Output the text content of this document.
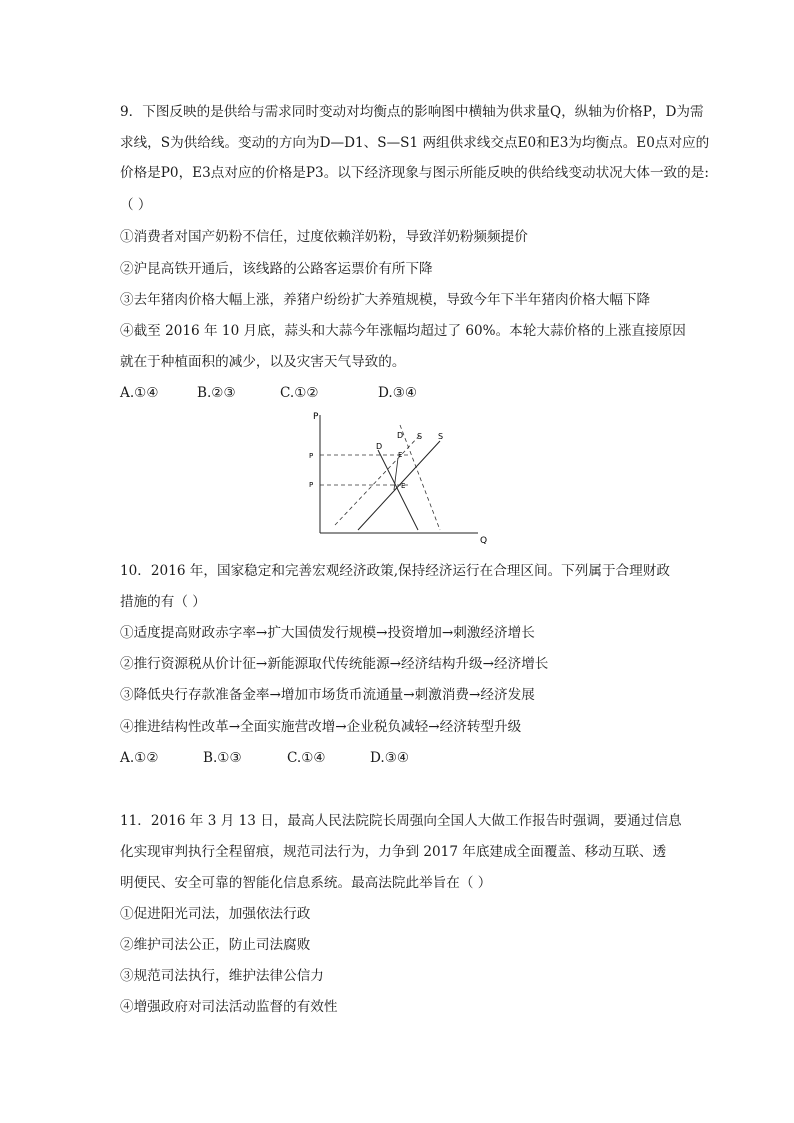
9．下图反映的是供给与需求同时变动对均衡点的影响图中横轴为供求量Q，纵轴为价格P，D为需
求线，S为供给线。变动的方向为D—D1、S—S1 两组供求线交点E0和E3为均衡点。E0点对应的
价格是P0，E3点对应的价格是P3。以下经济现象与图示所能反映的供给线变动状况大体一致的是:
（ ）
①消费者对国产奶粉不信任，过度依赖洋奶粉，导致洋奶粉频频提价
②沪昆高铁开通后，该线路的公路客运票价有所下降
③去年猪肉价格大幅上涨，养猪户纷纷扩大养殖规模，导致今年下半年猪肉价格大幅下降
④截至 2016 年 10 月底，蒜头和大蒜今年涨幅均超过了 60%。本轮大蒜价格的上涨直接原因
就在于种植面积的减少，以及灾害天气导致的。
A.①④	B.②③	C.①②	D.③④
P
Q
P
P
D
D S S
E
E
10．2016 年，国家稳定和完善宏观经济政策,保持经济运行在合理区间。下列属于合理财政
措施的有（ ）
①适度提高财政赤字率→扩大国债发行规模→投资增加→刺激经济增长
②推行资源税从价计征→新能源取代传统能源→经济结构升级→经济增长
③降低央行存款准备金率→增加市场货币流通量→刺激消费→经济发展
④推进结构性改革→全面实施营改增→企业税负减轻→经济转型升级
A.①②	B.①③	C.①④	D.③④
11．2016 年 3 月 13 日，最高人民法院院长周强向全国人大做工作报告时强调，要通过信息
化实现审判执行全程留痕，规范司法行为，力争到 2017 年底建成全面覆盖、移动互联、透
明便民、安全可靠的智能化信息系统。最高法院此举旨在（ ）
①促进阳光司法，加强依法行政
②维护司法公正，防止司法腐败
③规范司法执行，维护法律公信力
④增强政府对司法活动监督的有效性
